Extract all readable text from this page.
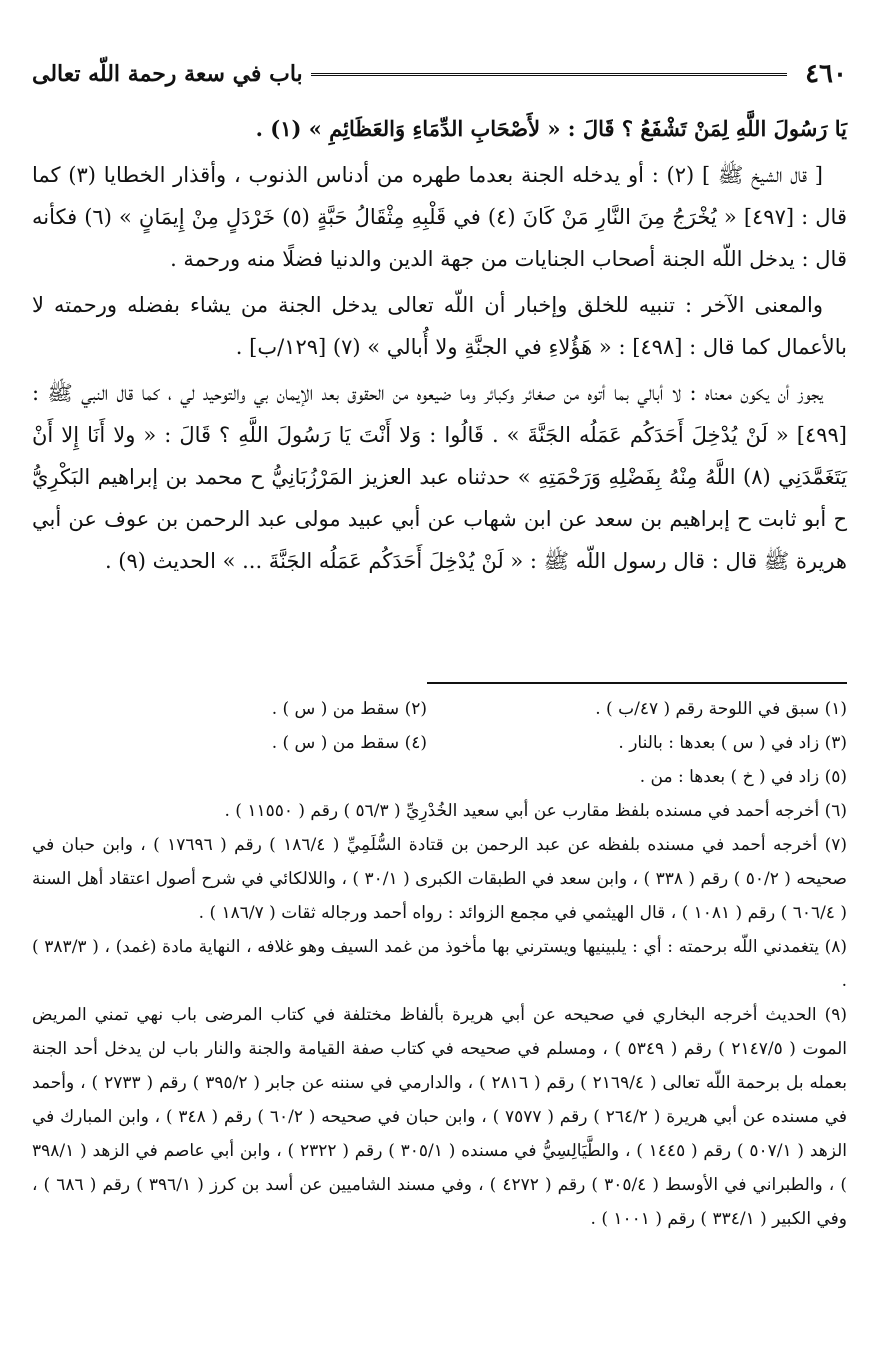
٤٦٠
باب في سعة رحمة اللّه تعالى

يَا رَسُولَ اللَّهِ لِمَنْ تَشْفَعُ ؟ قَالَ : « لأَصْحَابِ الدِّمَاءِ وَالعَظَائِمِ » (١) .

[ قال الشيخ ﷺ ] (٢) : أو يدخله الجنة بعدما طهره من أدناس الذنوب ، وأقذار الخطايا (٣) كما قال : [٤٩٧] « يُخْرَجُ مِنَ النَّارِ مَنْ كَانَ (٤) في قَلْبِهِ مِثْقَالُ حَبَّةٍ (٥) خَرْدَلٍ مِنْ إِيمَانٍ » (٦) فكأنه قال : يدخل اللّه الجنة أصحاب الجنايات من جهة الدين والدنيا فضلًا منه ورحمة .

والمعنى الآخر : تنبيه للخلق وإخبار أن اللّه تعالى يدخل الجنة من يشاء بفضله ورحمته لا بالأعمال كما قال : [٤٩٨] : « هَؤُلاءِ في الجنَّةِ ولا أُبالي » (٧) [١٢٩/ب] .

يجوز أن يكون معناه : لا أبالي بما أتوه من صغائر وكبائر وما ضيعوه من الحقوق بعد الإيمان بي والتوحيد لي ، كما قال النبي ﷺ : [٤٩٩] « لَنْ يُدْخِلَ أَحَدَكُم عَمَلُه الجَنَّةَ » . قَالُوا : وَلا أَنْتَ يَا رَسُولَ اللَّهِ ؟ قَالَ : « ولا أَنَا إِلا أَنْ يَتَغَمَّدَنِي (٨) اللَّهُ مِنْهُ بِفَضْلِهِ وَرَحْمَتِهِ » حدثناه عبد العزيز المَرْزُبَانِيُّ ح محمد بن إبراهيم البَكْرِيُّ ح أبو ثابت ح إبراهيم بن سعد عن ابن شهاب عن أبي عبيد مولى عبد الرحمن بن عوف عن أبي هريرة ﷺ قال : قال رسول اللّه ﷺ : « لَنْ يُدْخِلَ أَحَدَكُم عَمَلُه الجَنَّةَ ... » الحديث (٩) .

(١) سبق في اللوحة رقم ( ٤٧/ب ) .
(٢) سقط من ( س ) .
(٣) زاد في ( س ) بعدها : بالنار .
(٤) سقط من ( س ) .

(٥) زاد في ( خ ) بعدها : من .

(٦) أخرجه أحمد في مسنده بلفظ مقارب عن أبي سعيد الخُدْرِيِّ ( ٥٦/٣ ) رقم ( ١١٥٥٠ ) .

(٧) أخرجه أحمد في مسنده بلفظه عن عبد الرحمن بن قتادة السُّلَمِيِّ ( ١٨٦/٤ ) رقم ( ١٧٦٩٦ ) ، وابن حبان في صحيحه ( ٥٠/٢ ) رقم ( ٣٣٨ ) ، وابن سعد في الطبقات الكبرى ( ٣٠/١ ) ، واللالكائي في شرح أصول اعتقاد أهل السنة ( ٦٠٦/٤ ) رقم ( ١٠٨١ ) ، قال الهيثمي في مجمع الزوائد : رواه أحمد ورجاله ثقات ( ١٨٦/٧ ) .

(٨) يتغمدني اللّه برحمته : أي : يلبينيها ويسترني بها مأخوذ من غمد السيف وهو غلافه ، النهاية مادة (غمد) ، ( ٣٨٣/٣ ) .

(٩) الحديث أخرجه البخاري في صحيحه عن أبي هريرة بألفاظ مختلفة في كتاب المرضى باب نهي تمني المريض الموت ( ٢١٤٧/٥ ) رقم ( ٥٣٤٩ ) ، ومسلم في صحيحه في كتاب صفة القيامة والجنة والنار باب لن يدخل أحد الجنة بعمله بل برحمة اللّه تعالى ( ٢١٦٩/٤ ) رقم ( ٢٨١٦ ) ، والدارمي في سننه عن جابر ( ٣٩٥/٢ ) رقم ( ٢٧٣٣ ) ، وأحمد في مسنده عن أبي هريرة ( ٢٦٤/٢ ) رقم ( ٧٥٧٧ ) ، وابن حبان في صحيحه ( ٦٠/٢ ) رقم ( ٣٤٨ ) ، وابن المبارك في الزهد ( ٥٠٧/١ ) رقم ( ١٤٤٥ ) ، والطَّيَالِسِيُّ في مسنده ( ٣٠٥/١ ) رقم ( ٢٣٢٢ ) ، وابن أبي عاصم في الزهد ( ٣٩٨/١ ) ، والطبراني في الأوسط ( ٣٠٥/٤ ) رقم ( ٤٢٧٢ ) ، وفي مسند الشاميين عن أسد بن كرز ( ٣٩٦/١ ) رقم ( ٦٨٦ ) ، وفي الكبير ( ٣٣٤/١ ) رقم ( ١٠٠١ ) .
